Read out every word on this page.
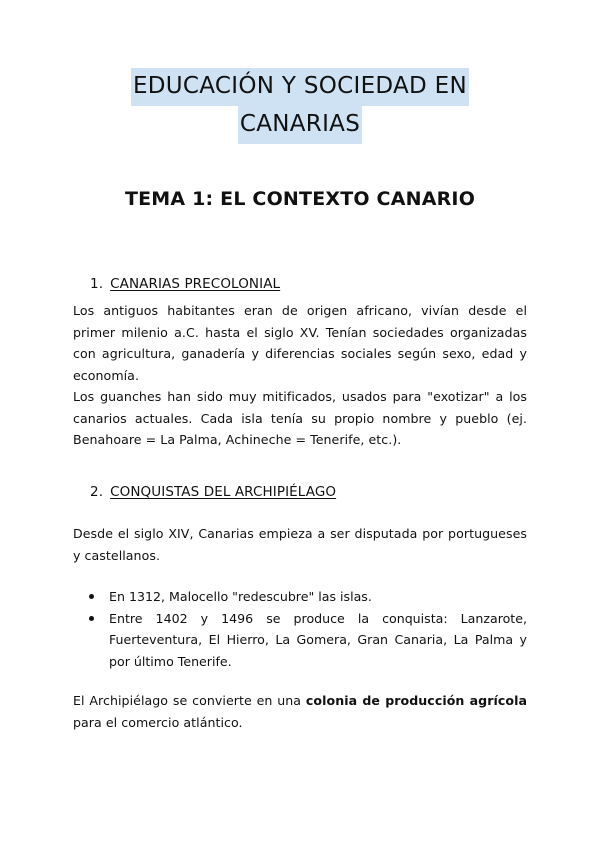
EDUCACIÓN Y SOCIEDAD EN
CANARIAS
TEMA 1: EL CONTEXTO CANARIO
1. CANARIAS PRECOLONIAL
Los antiguos habitantes eran de origen africano, vivían desde el primer milenio a.C. hasta el siglo XV. Tenían sociedades organizadas con agricultura, ganadería y diferencias sociales según sexo, edad y economía.
Los guanches han sido muy mitificados, usados para "exotizar" a los canarios actuales. Cada isla tenía su propio nombre y pueblo (ej. Benahoare = La Palma, Achineche = Tenerife, etc.).
2. CONQUISTAS DEL ARCHIPIÉLAGO
Desde el siglo XIV, Canarias empieza a ser disputada por portugueses y castellanos.
En 1312, Malocello "redescubre" las islas.
Entre 1402 y 1496 se produce la conquista: Lanzarote, Fuerteventura, El Hierro, La Gomera, Gran Canaria, La Palma y por último Tenerife.
El Archipiélago se convierte en una colonia de producción agrícola para el comercio atlántico.
